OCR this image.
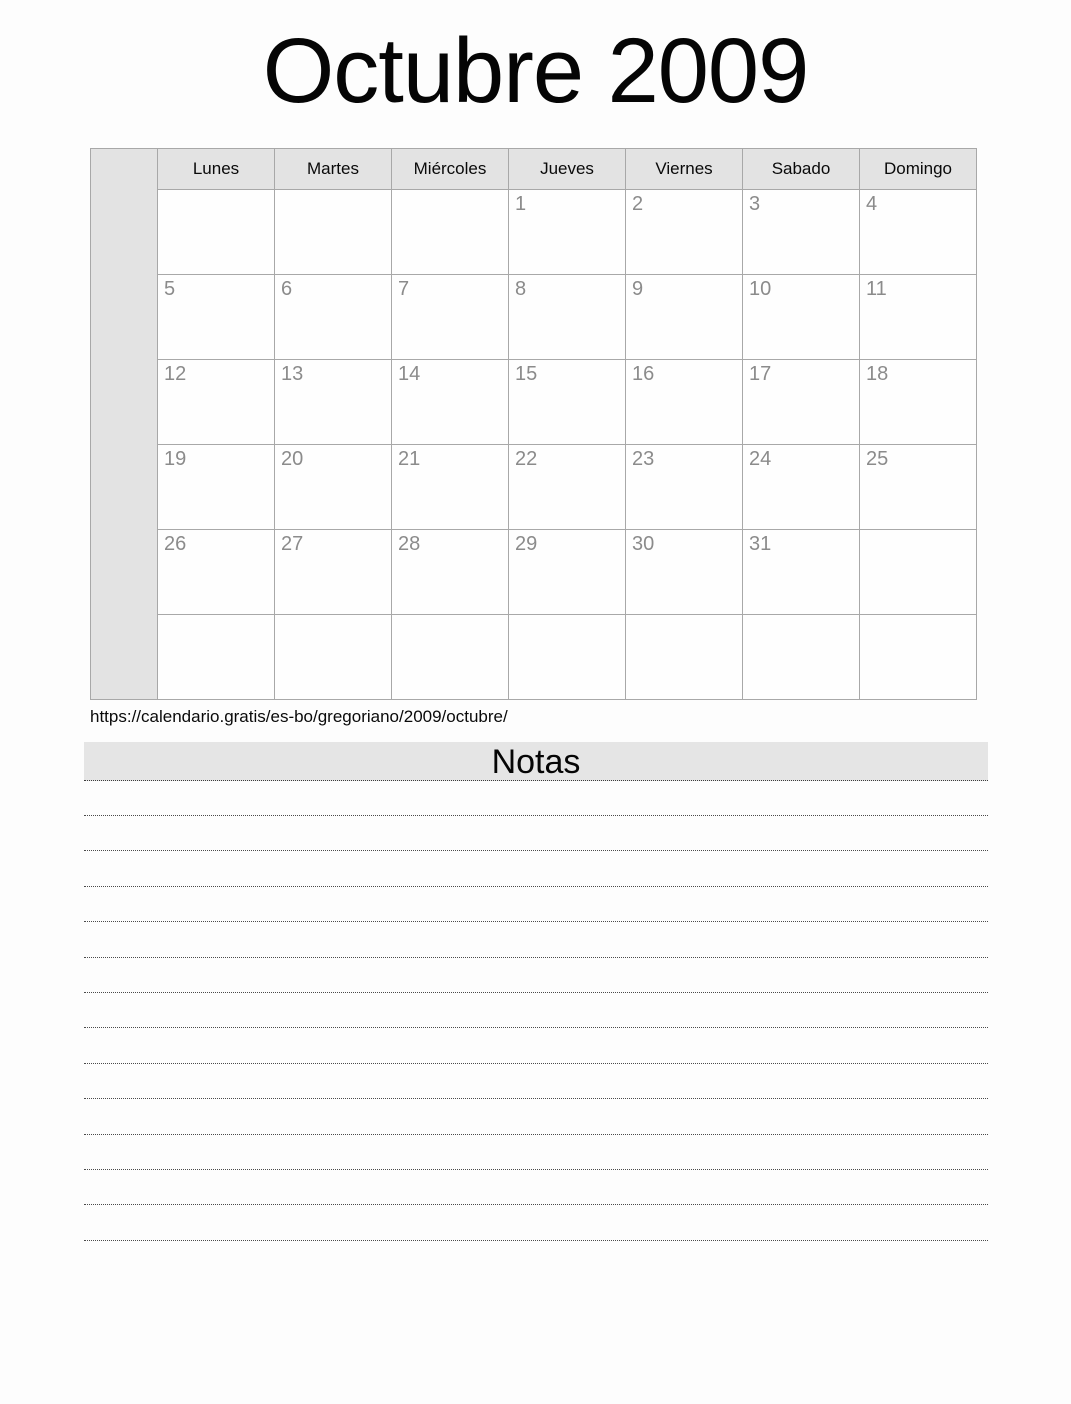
Octubre 2009
	Lunes	Martes	Miércoles	Jueves	Viernes	Sabado	Domingo

				1	2	3	4

	5	6	7	8	9	10	11

	12	13	14	15	16	17	18

	19	20	21	22	23	24	25

	26	27	28	29	30	31	

https://calendario.gratis/es-bo/gregoriano/2009/octubre/
Notas
